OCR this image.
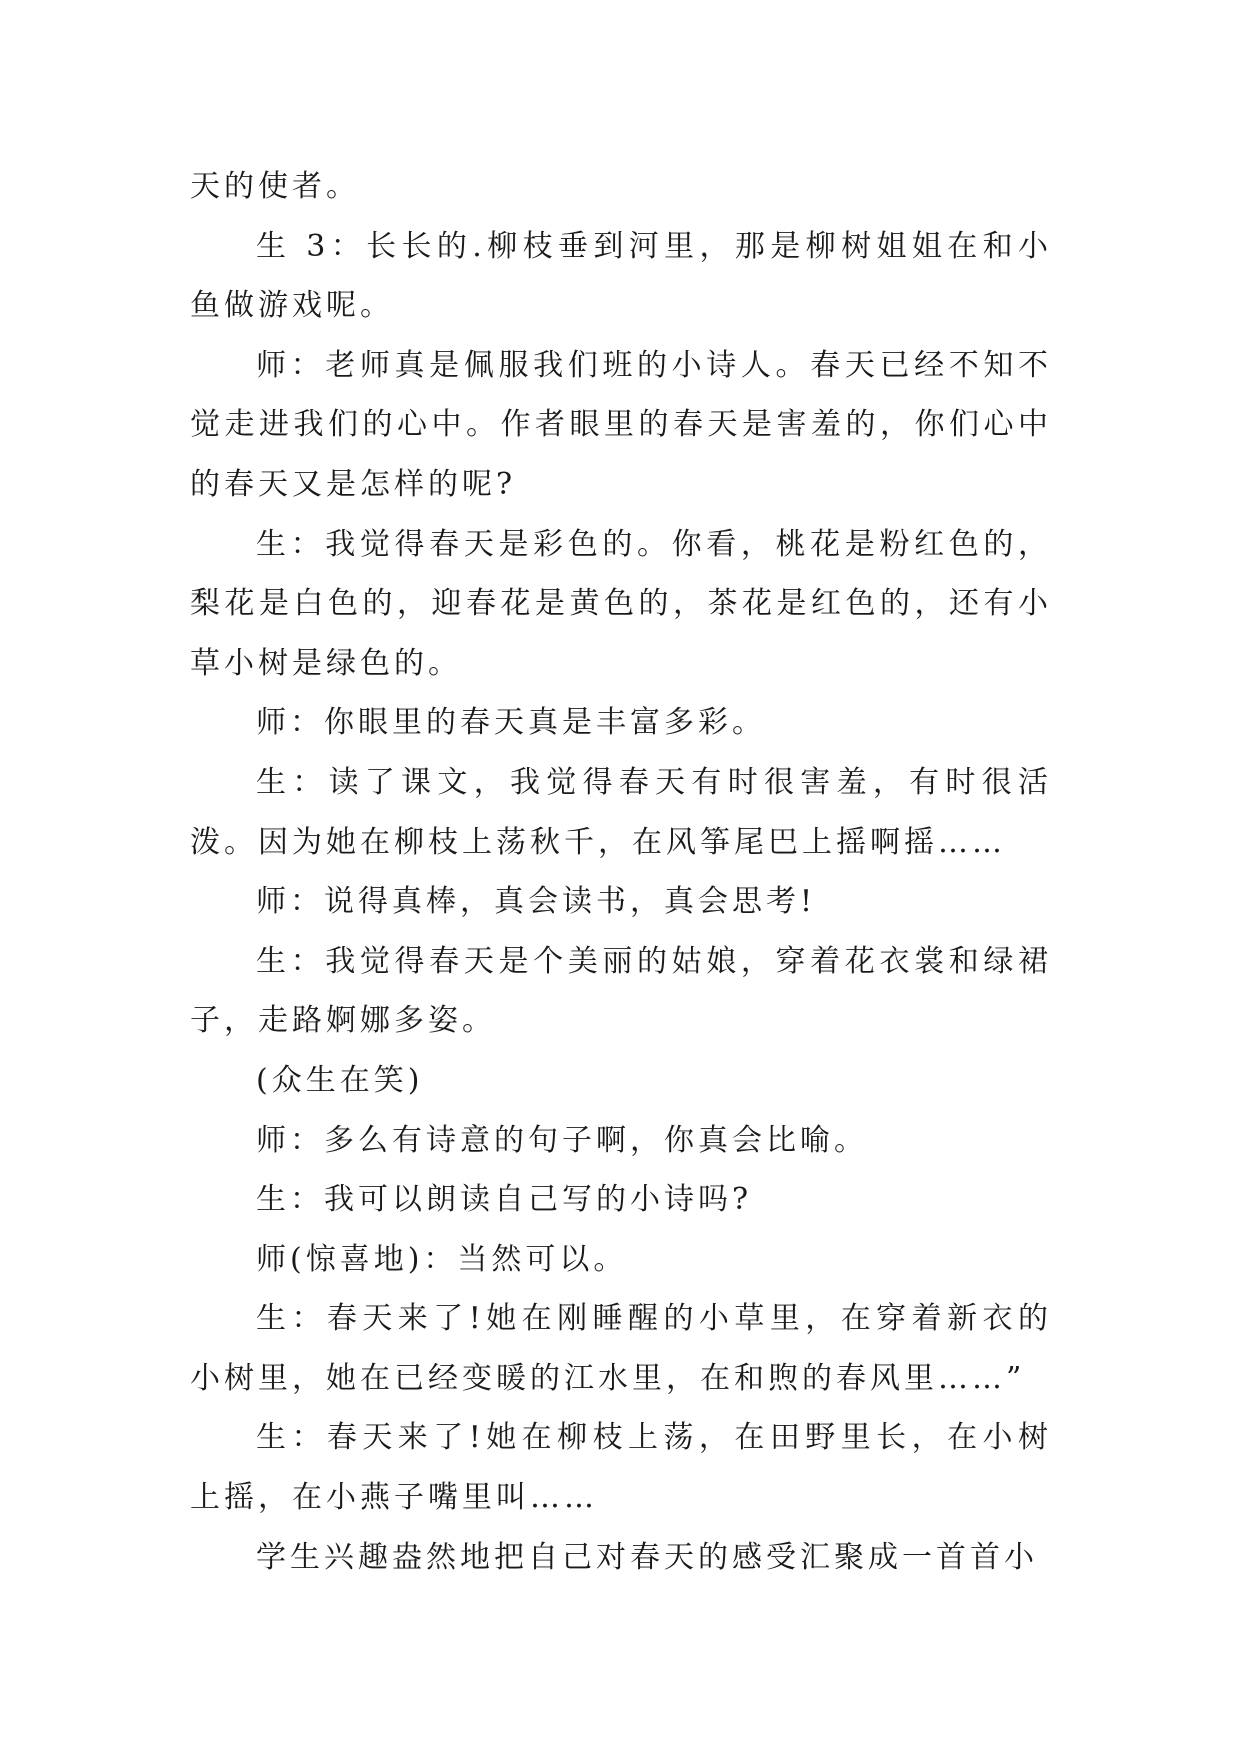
天的使者。

生 3：长长的.柳枝垂到河里，那是柳树姐姐在和小鱼做游戏呢。

师：老师真是佩服我们班的小诗人。春天已经不知不觉走进我们的心中。作者眼里的春天是害羞的，你们心中的春天又是怎样的呢?

生：我觉得春天是彩色的。你看，桃花是粉红色的，梨花是白色的，迎春花是黄色的，茶花是红色的，还有小草小树是绿色的。

师：你眼里的春天真是丰富多彩。

生：读了课文，我觉得春天有时很害羞，有时很活泼。因为她在柳枝上荡秋千，在风筝尾巴上摇啊摇……

师：说得真棒，真会读书，真会思考!

生：我觉得春天是个美丽的姑娘，穿着花衣裳和绿裙子，走路婀娜多姿。

(众生在笑)

师：多么有诗意的句子啊，你真会比喻。

生：我可以朗读自己写的小诗吗?

师(惊喜地)：当然可以。

生：春天来了!她在刚睡醒的小草里，在穿着新衣的小树里，她在已经变暖的江水里，在和煦的春风里……”

生：春天来了!她在柳枝上荡，在田野里长，在小树上摇，在小燕子嘴里叫……

学生兴趣盎然地把自己对春天的感受汇聚成一首首小
